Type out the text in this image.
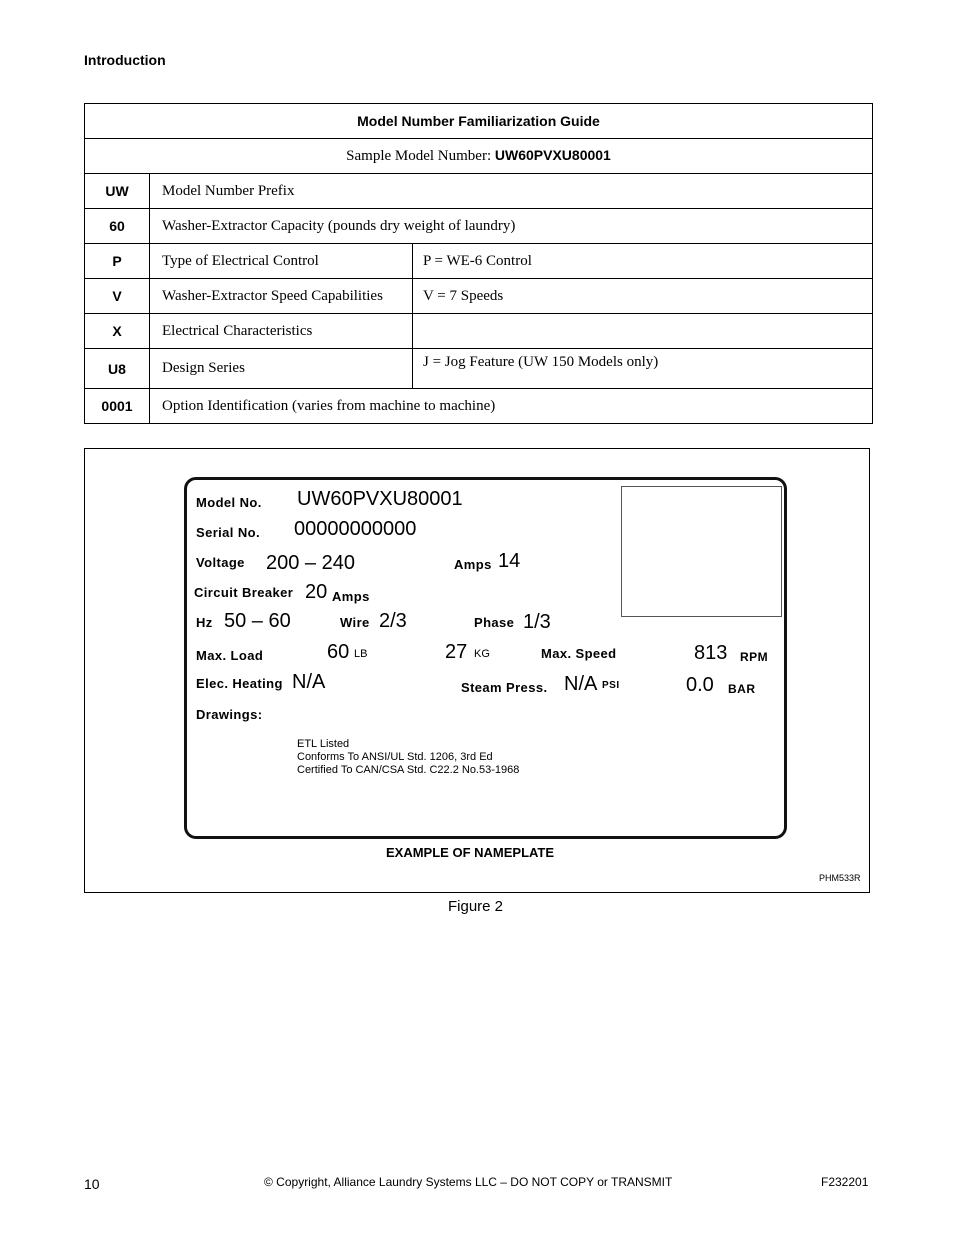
Introduction
Model Number Familiarization Guide		
Sample Model Number: UW60PVXU80001		
UW	Model Number Prefix	
60	Washer-Extractor Capacity (pounds dry weight of laundry)	
P	Type of Electrical Control	P = WE-6 Control
V	Washer-Extractor Speed Capabilities	V = 7 Speeds
X	Electrical Characteristics	
U8	Design Series	J = Jog Feature (UW 150 Models only)
0001	Option Identification (varies from machine to machine)	
Model No. UW60PVXU80001
Serial No. 00000000000
Voltage 200 – 240	Amps 14
Circuit Breaker 20 Amps
Hz 50 – 60	Wire 2/3	Phase 1/3
Max. Load	60 LB	27 KG	Max. Speed	813 RPM
Elec. Heating N/A	Steam Press. N/A PSI	0.0 BAR
Drawings:
ETL Listed
Conforms To ANSI/UL Std. 1206, 3rd Ed
Certified To CAN/CSA Std. C22.2 No.53-1968
EXAMPLE OF NAMEPLATE
PHM533R
Figure 2
10	© Copyright, Alliance Laundry Systems LLC – DO NOT COPY or TRANSMIT	F232201
